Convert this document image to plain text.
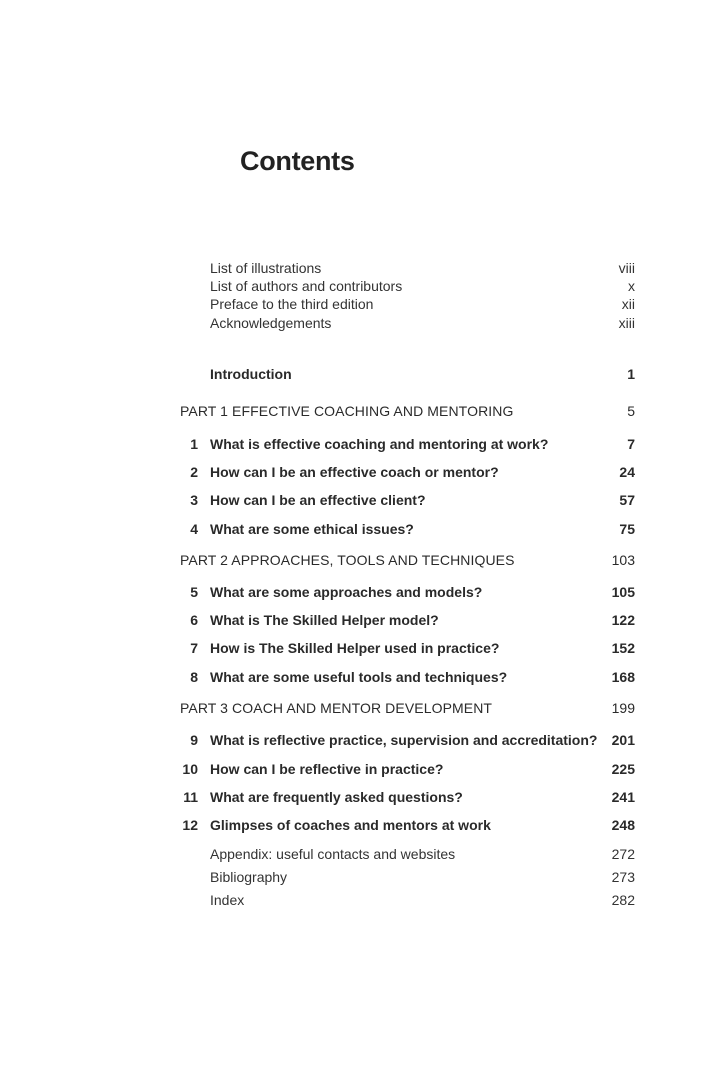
Contents
List of illustrations	viii
List of authors and contributors	x
Preface to the third edition	xii
Acknowledgements	xiii
Introduction	1
PART 1 EFFECTIVE COACHING AND MENTORING	5
1 What is effective coaching and mentoring at work?	7
2 How can I be an effective coach or mentor?	24
3 How can I be an effective client?	57
4 What are some ethical issues?	75
PART 2 APPROACHES, TOOLS AND TECHNIQUES	103
5 What are some approaches and models?	105
6 What is The Skilled Helper model?	122
7 How is The Skilled Helper used in practice?	152
8 What are some useful tools and techniques?	168
PART 3 COACH AND MENTOR DEVELOPMENT	199
9 What is reflective practice, supervision and accreditation? 201
10 How can I be reflective in practice?	225
11 What are frequently asked questions?	241
12 Glimpses of coaches and mentors at work	248
Appendix: useful contacts and websites	272
Bibliography	273
Index	282
